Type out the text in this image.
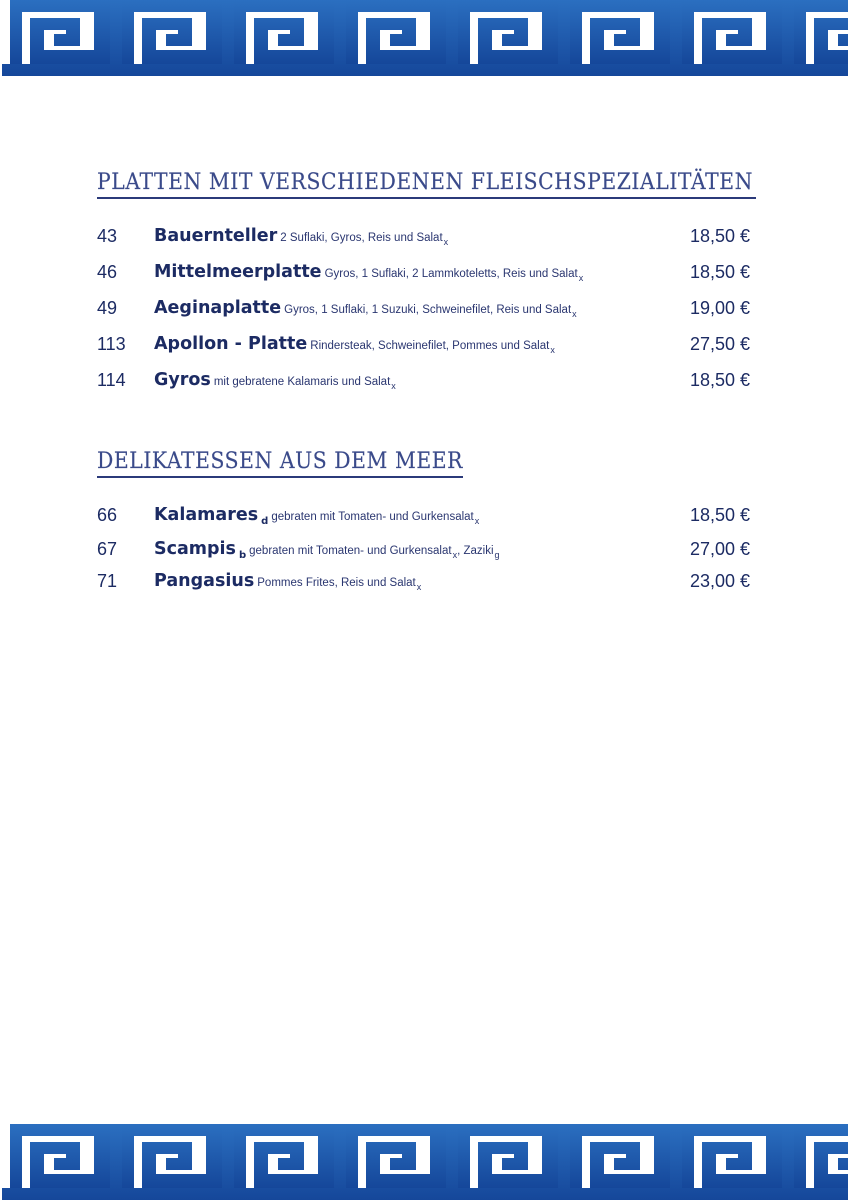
PLATTEN MIT VERSCHIEDENEN FLEISCHSPEZIALITÄTEN
43 Bauernteller 2 Suflaki, Gyros, Reis und Salat$_x$	18,50 €
46 Mittelmeerplatte Gyros, 1 Suflaki, 2 Lammkoteletts, Reis und Salat$_x$	18,50 €
49 Aeginaplatte Gyros, 1 Suflaki, 1 Suzuki, Schweinefilet, Reis und Salat$_x$	19,00 €
113 Apollon - Platte Rindersteak, Schweinefilet, Pommes und Salat$_x$	27,50 €
114 Gyros mit gebratene Kalamaris und Salat$_x$	18,50 €
DELIKATESSEN AUS DEM MEER
66 Kalamares $_d$ gebraten mit Tomaten- und Gurkensalat$_x$	18,50 €
67 Scampis $_b$ gebraten mit Tomaten- und Gurkensalat$_x$, Zaziki$_g$	27,00 €
71 Pangasius Pommes Frites, Reis und Salat$_x$	23,00 €
